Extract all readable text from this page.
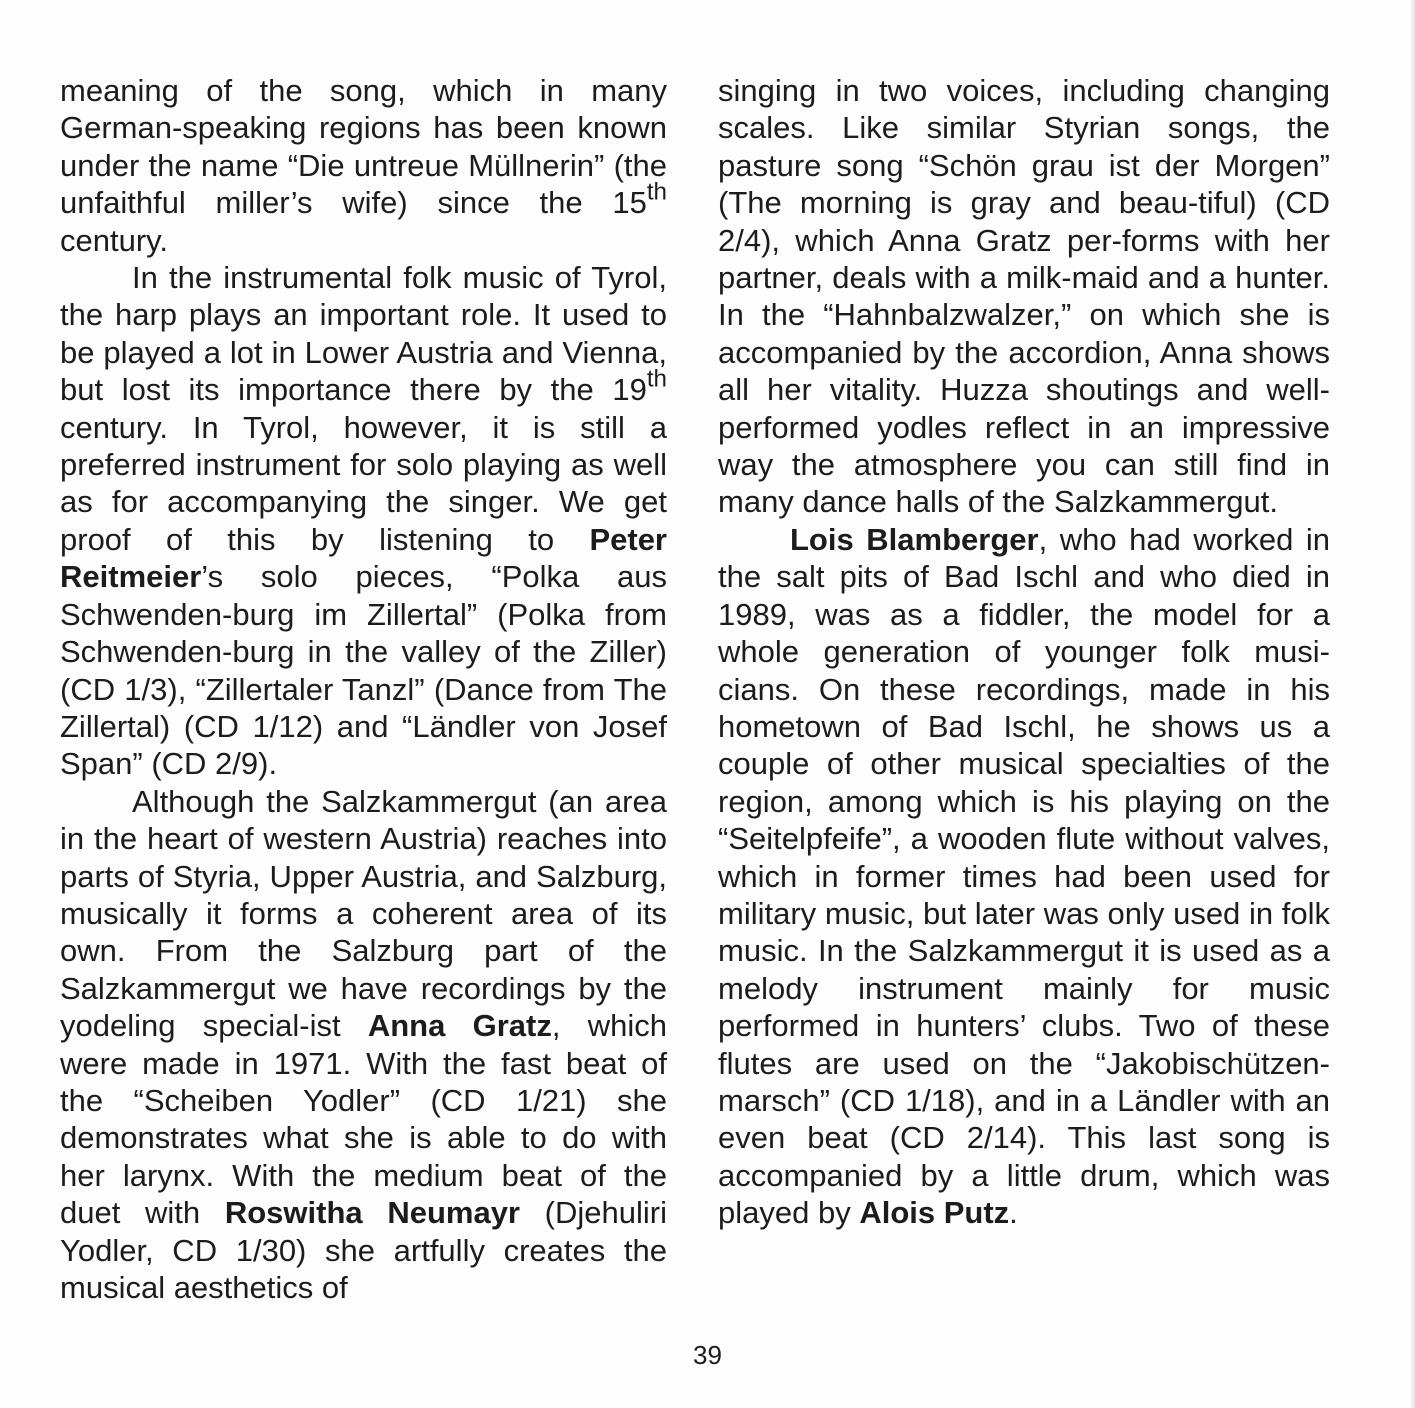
meaning of the song, which in many German-speaking regions has been known under the name “Die untreue Müllnerin” (the unfaithful miller’s wife) since the 15th century.

In the instrumental folk music of Tyrol, the harp plays an important role. It used to be played a lot in Lower Austria and Vienna, but lost its importance there by the 19th century. In Tyrol, however, it is still a preferred instrument for solo playing as well as for accompanying the singer. We get proof of this by listening to Peter Reitmeier’s solo pieces, “Polka aus Schwenden-burg im Zillertal” (Polka from Schwenden-burg in the valley of the Ziller) (CD 1/3), “Zillertaler Tanzl” (Dance from The Zillertal) (CD 1/12) and “Ländler von Josef Span” (CD 2/9).

Although the Salzkammergut (an area in the heart of western Austria) reaches into parts of Styria, Upper Austria, and Salzburg, musically it forms a coherent area of its own. From the Salzburg part of the Salzkammergut we have recordings by the yodeling special-ist Anna Gratz, which were made in 1971. With the fast beat of the “Scheiben Yodler” (CD 1/21) she demonstrates what she is able to do with her larynx. With the medium beat of the duet with Roswitha Neumayr (Djehuliri Yodler, CD 1/30) she artfully creates the musical aesthetics of

singing in two voices, including changing scales. Like similar Styrian songs, the pasture song “Schön grau ist der Morgen” (The morning is gray and beau-tiful) (CD 2/4), which Anna Gratz per-forms with her partner, deals with a milk-maid and a hunter. In the “Hahnbalzwalzer,” on which she is accompanied by the accordion, Anna shows all her vitality. Huzza shoutings and well-performed yodles reflect in an impressive way the atmosphere you can still find in many dance halls of the Salzkammergut.

Lois Blamberger, who had worked in the salt pits of Bad Ischl and who died in 1989, was as a fiddler, the model for a whole generation of younger folk musi-cians. On these recordings, made in his hometown of Bad Ischl, he shows us a couple of other musical specialties of the region, among which is his playing on the “Seitelpfeife”, a wooden flute without valves, which in former times had been used for military music, but later was only used in folk music. In the Salzkammergut it is used as a melody instrument mainly for music performed in hunters’ clubs. Two of these flutes are used on the “Jakobischützen-marsch” (CD 1/18), and in a Ländler with an even beat (CD 2/14). This last song is accompanied by a little drum, which was played by Alois Putz.

39
